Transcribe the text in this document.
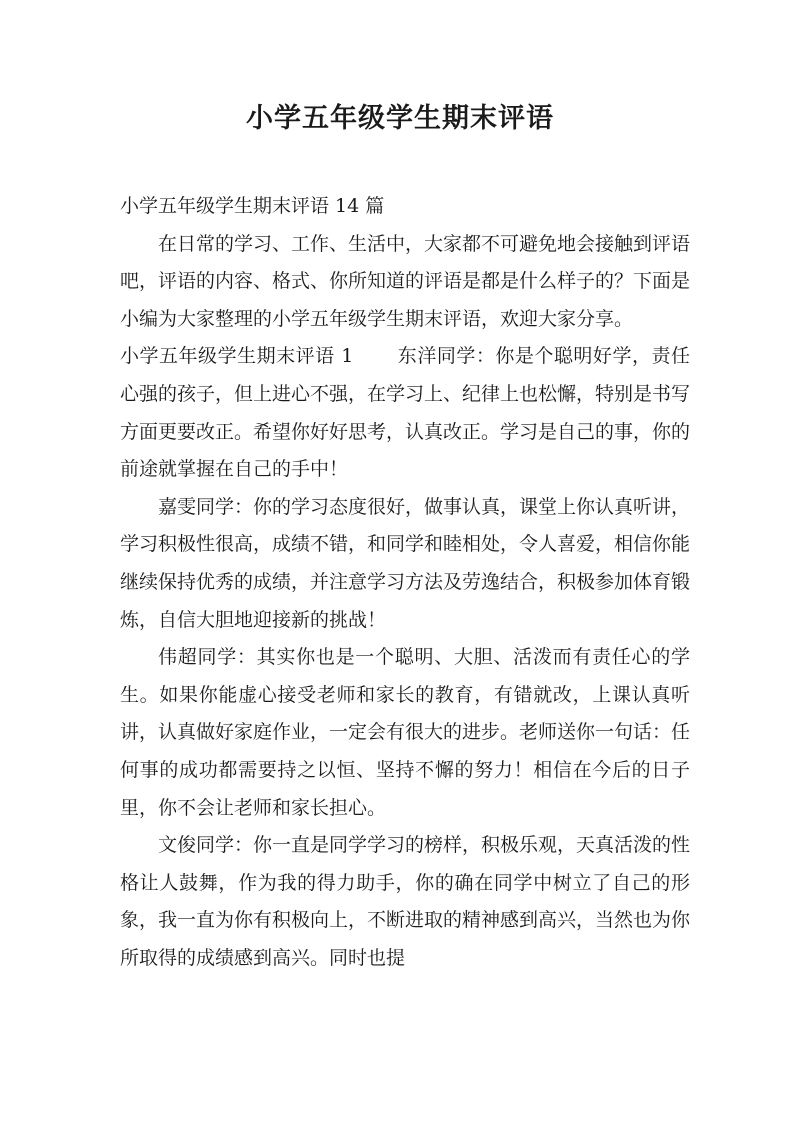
小学五年级学生期末评语

小学五年级学生期末评语 14 篇

在日常的学习、工作、生活中，大家都不可避免地会接触到评语吧，评语的内容、格式、你所知道的评语是都是什么样子的？下面是小编为大家整理的小学五年级学生期末评语，欢迎大家分享。

小学五年级学生期末评语 1 东洋同学：你是个聪明好学，责任心强的孩子，但上进心不强，在学习上、纪律上也松懈，特别是书写方面更要改正。希望你好好思考，认真改正。学习是自己的事，你的前途就掌握在自己的手中！

嘉雯同学：你的学习态度很好，做事认真，课堂上你认真听讲，学习积极性很高，成绩不错，和同学和睦相处，令人喜爱，相信你能继续保持优秀的成绩，并注意学习方法及劳逸结合，积极参加体育锻炼，自信大胆地迎接新的挑战！

伟超同学：其实你也是一个聪明、大胆、活泼而有责任心的学生。如果你能虚心接受老师和家长的教育，有错就改，上课认真听讲，认真做好家庭作业，一定会有很大的进步。老师送你一句话：任何事的成功都需要持之以恒、坚持不懈的努力！相信在今后的日子里，你不会让老师和家长担心。

文俊同学：你一直是同学学习的榜样，积极乐观，天真活泼的性格让人鼓舞，作为我的得力助手，你的确在同学中树立了自己的形象，我一直为你有积极向上，不断进取的精神感到高兴，当然也为你所取得的成绩感到高兴。同时也提
